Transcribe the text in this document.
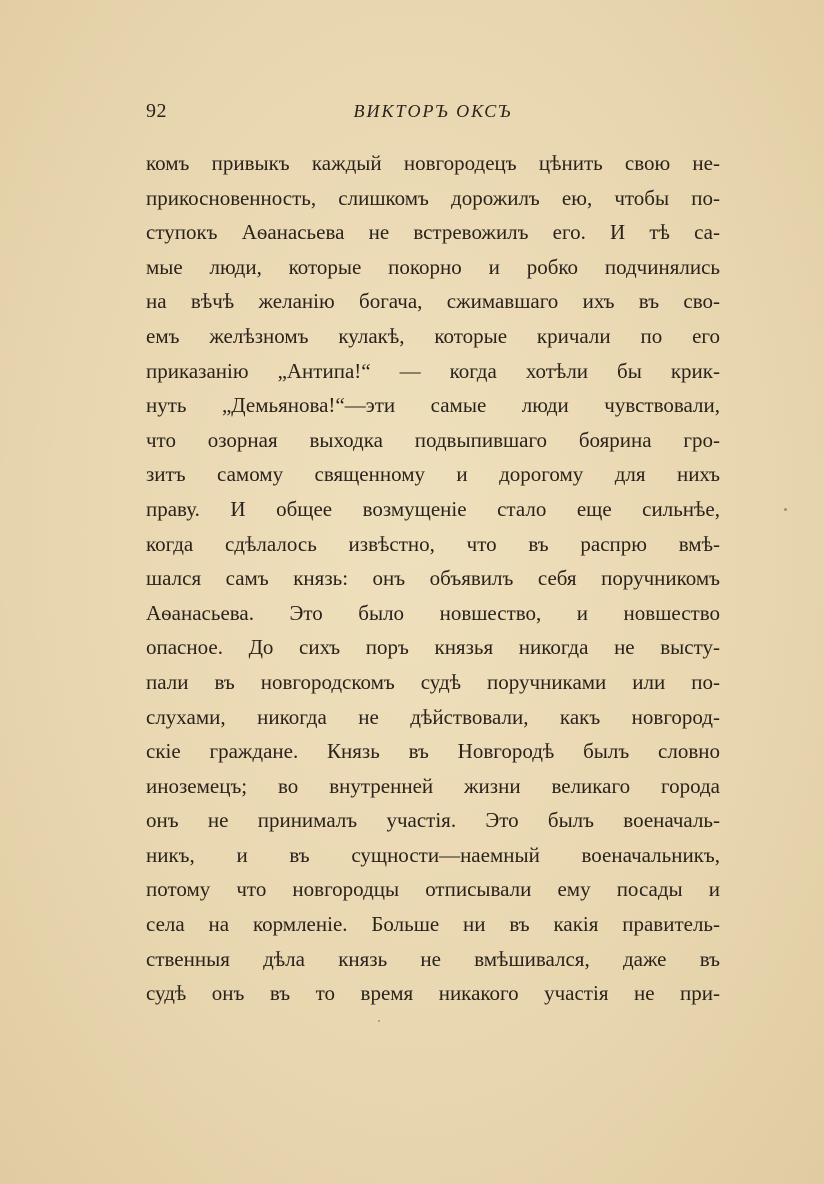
92	ВИКТОРЪ ОКСЪ
комъ привыкъ каждый новгородецъ цѣнить свою не-
прикосновенность, слишкомъ дорожилъ ею, чтобы по-
ступокъ Аѳанасьева не встревожилъ его. И тѣ са-
мые люди, которые покорно и робко подчинялись
на вѣчѣ желанію богача, сжимавшаго ихъ въ сво-
емъ желѣзномъ кулакѣ, которые кричали по его
приказанію „Антипа!“ — когда хотѣли бы крик-
нуть „Демьянова!“—эти самые люди чувствовали,
что озорная выходка подвыпившаго боярина гро-
зитъ самому священному и дорогому для нихъ
праву. И общее возмущеніе стало еще сильнѣе,
когда сдѣлалось извѣстно, что въ распрю вмѣ-
шался самъ князь: онъ объявилъ себя поручникомъ
Аѳанасьева. Это было новшество, и новшество
опасное. До сихъ поръ князья никогда не высту-
пали въ новгородскомъ судѣ поручниками или по-
слухами, никогда не дѣйствовали, какъ новгород-
скіе граждане. Князь въ Новгородѣ былъ словно
иноземецъ; во внутренней жизни великаго города
онъ не принималъ участія. Это былъ военачаль-
никъ, и въ сущности—наемный военачальникъ,
потому что новгородцы отписывали ему посады и
села на кормленіе. Больше ни въ какія правитель-
ственныя дѣла князь не вмѣшивался, даже въ
судѣ онъ въ то время никакого участія не при-
